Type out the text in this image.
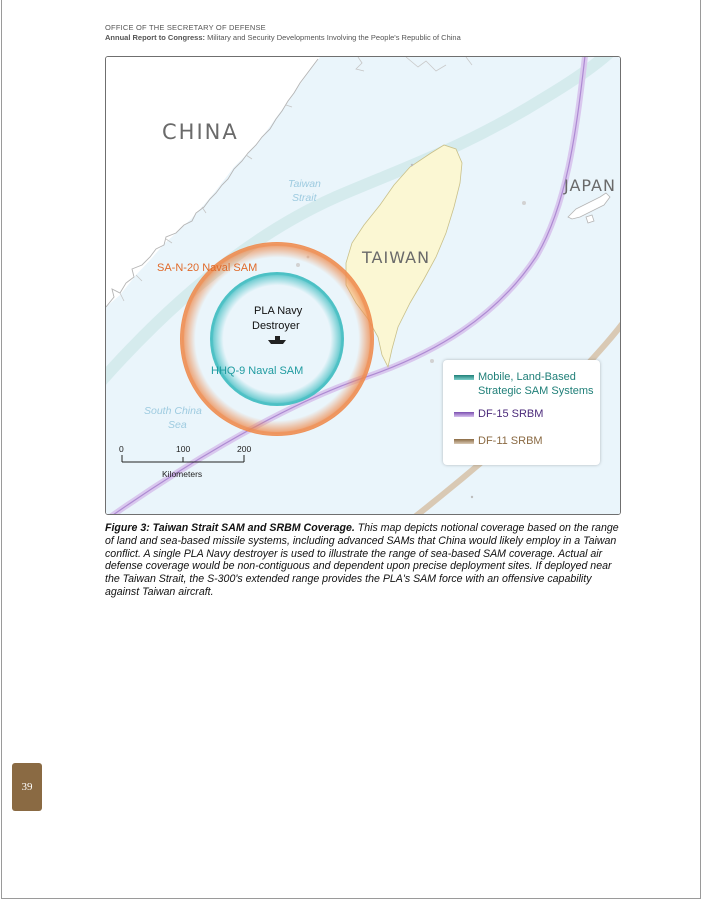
OFFICE OF THE SECRETARY OF DEFENSE
Annual Report to Congress: Military and Security Developments Involving the People's Republic of China
CHINA
JAPAN
TAIWAN
Taiwan
Strait
South China
Sea
SA-N-20 Naval SAM
HHQ-9 Naval SAM
PLA Navy
Destroyer
0	100	200
Kilometers
Mobile, Land-Based
Strategic SAM Systems
DF-15 SRBM
DF-11 SRBM
Figure 3: Taiwan Strait SAM and SRBM Coverage. This map depicts notional coverage based on the range of land and sea-based missile systems, including advanced SAMs that China would likely employ in a Taiwan conflict. A single PLA Navy destroyer is used to illustrate the range of sea-based SAM coverage. Actual air defense coverage would be non-contiguous and dependent upon precise deployment sites. If deployed near the Taiwan Strait, the S-300's extended range provides the PLA's SAM force with an offensive capability against Taiwan aircraft.
39
